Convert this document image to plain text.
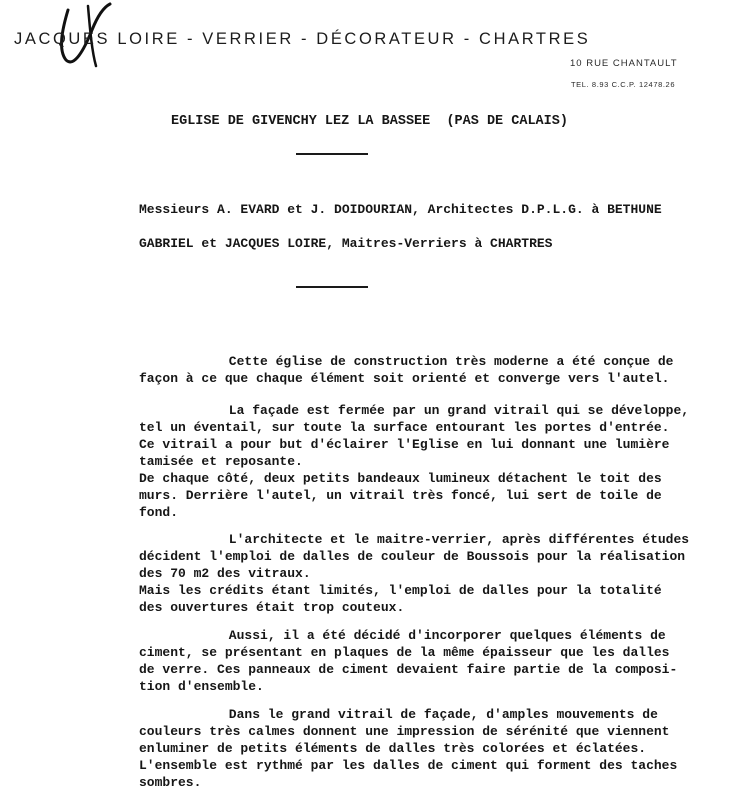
JACQUES LOIRE - VERRIER - DÉCORATEUR - CHARTRES
10 RUE CHANTAULT
TEL. 8.93 C.C.P. 12478.26
EGLISE DE GIVENCHY LEZ LA BASSEE  (PAS DE CALAIS)
Messieurs A. EVARD et J. DOIDOURIAN, Architectes D.P.L.G. à BETHUNE
GABRIEL et JACQUES LOIRE, Maitres-Verriers à CHARTRES
Cette église de construction très moderne a été conçue de
façon à ce que chaque élément soit orienté et converge vers l'autel.
La façade est fermée par un grand vitrail qui se développe,
tel un éventail, sur toute la surface entourant les portes d'entrée.
Ce vitrail a pour but d'éclairer l'Eglise en lui donnant une lumière
tamisée et reposante.
De chaque côté, deux petits bandeaux lumineux détachent le toit des
murs. Derrière l'autel, un vitrail très foncé, lui sert de toile de
fond.
L'architecte et le maitre-verrier, après différentes études
décident l'emploi de dalles de couleur de Boussois pour la réalisation
des 70 m2 des vitraux.
Mais les crédits étant limités, l'emploi de dalles pour la totalité
des ouvertures était trop couteux.
Aussi, il a été décidé d'incorporer quelques éléments de
ciment, se présentant en plaques de la même épaisseur que les dalles
de verre. Ces panneaux de ciment devaient faire partie de la composi-
tion d'ensemble.
Dans le grand vitrail de façade, d'amples mouvements de
couleurs très calmes donnent une impression de sérénité que viennent
enluminer de petits éléments de dalles très colorées et éclatées.
L'ensemble est rythmé par les dalles de ciment qui forment des taches
sombres.
